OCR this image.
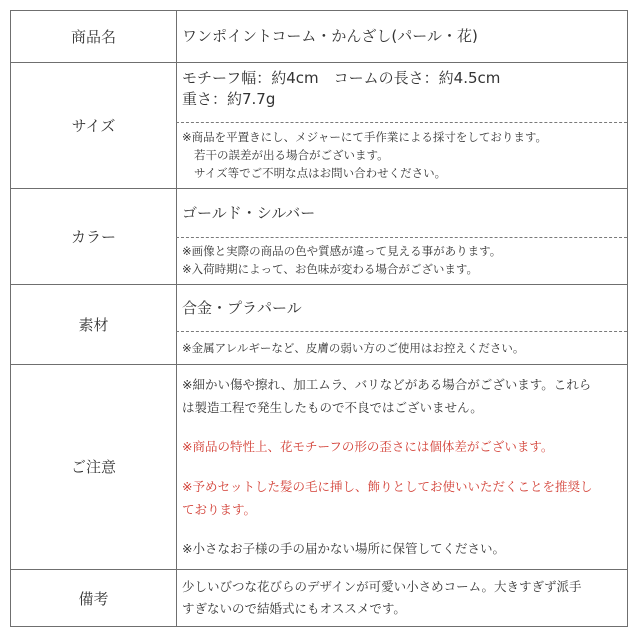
商品名	ワンポイントコーム・かんざし(パール・花)
サイズ
モチーフ幅：約4cm　コームの長さ：約4.5cm
重さ：約7.7g
※商品を平置きにし、メジャーにて手作業による採寸をしております。
若干の誤差が出る場合がございます。
サイズ等でご不明な点はお問い合わせください。
カラー
ゴールド・シルバー
※画像と実際の商品の色や質感が違って見える事があります。
※入荷時期によって、お色味が変わる場合がございます。
素材
合金・プラパール
※金属アレルギーなど、皮膚の弱い方のご使用はお控えください。
ご注意
※細かい傷や擦れ、加工ムラ、バリなどがある場合がございます。これら
は製造工程で発生したもので不良ではございません。
※商品の特性上、花モチーフの形の歪さには個体差がございます。
※予めセットした髪の毛に挿し、飾りとしてお使いいただくことを推奨し
ております。
※小さなお子様の手の届かない場所に保管してください。
備考
少しいびつな花びらのデザインが可愛い小さめコーム。大きすぎず派手
すぎないので結婚式にもオススメです。
